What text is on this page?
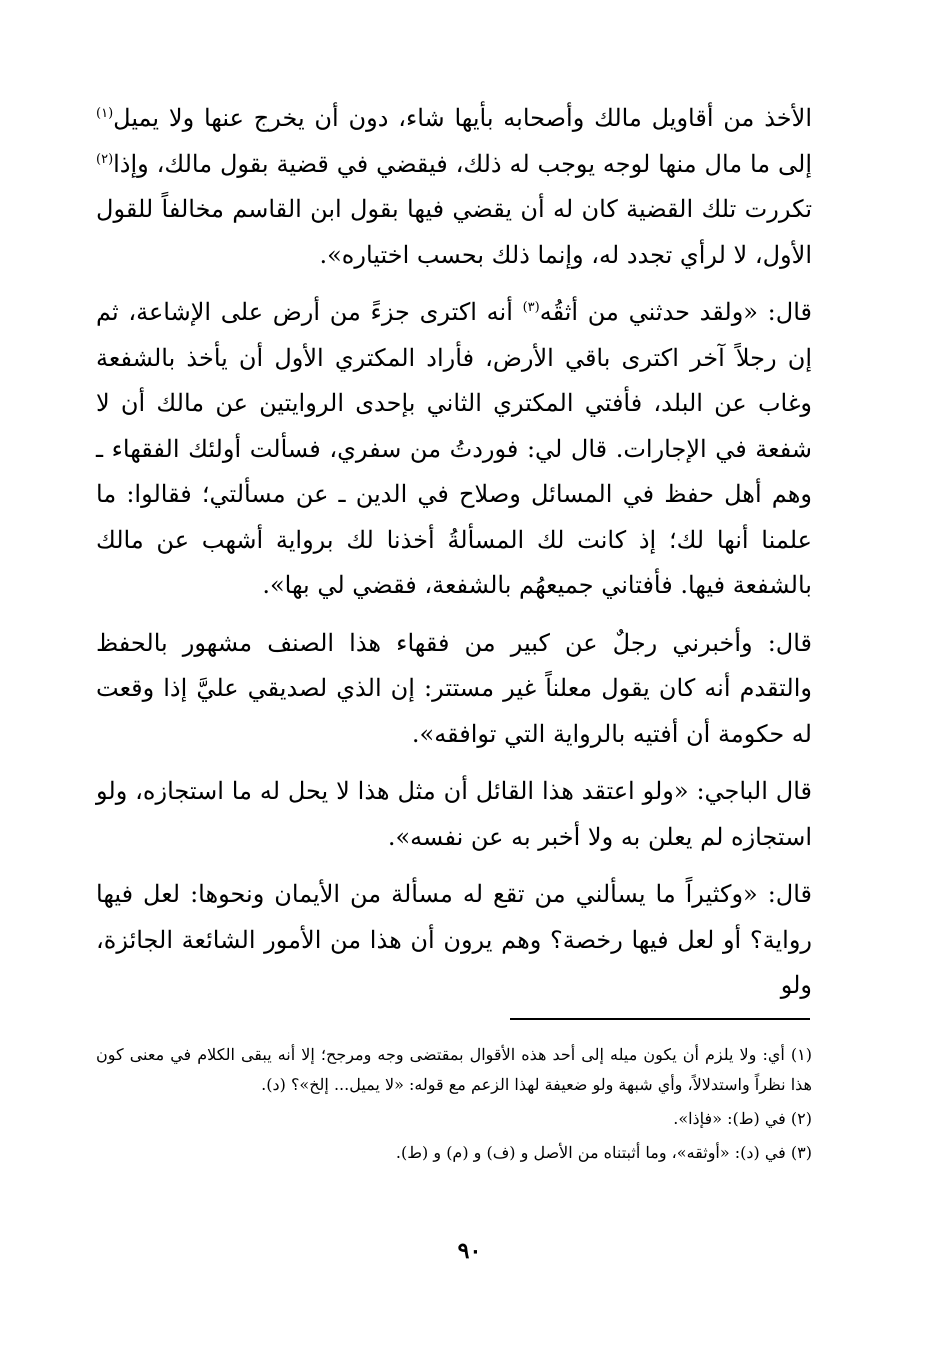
الأخذ من أقاويل مالك وأصحابه بأيها شاء، دون أن يخرج عنها ولا يميل$^{(١)}$ إلى ما مال منها لوجه يوجب له ذلك، فيقضي في قضية بقول مالك، وإذا$^{(٢)}$ تكررت تلك القضية كان له أن يقضي فيها بقول ابن القاسم مخالفاً للقول الأول، لا لرأي تجدد له، وإنما ذلك بحسب اختياره».

قال: «ولقد حدثني من أثقُه$^{(٣)}$ أنه اكترى جزءً من أرض على الإشاعة، ثم إن رجلاً آخر اكترى باقي الأرض، فأراد المكتري الأول أن يأخذ بالشفعة وغاب عن البلد، فأفتي المكتري الثاني بإحدى الروايتين عن مالك أن لا شفعة في الإجارات. قال لي: فوردتُ من سفري، فسألت أولئك الفقهاء ـ وهم أهل حفظ في المسائل وصلاح في الدين ـ عن مسألتي؛ فقالوا: ما علمنا أنها لك؛ إذ كانت لك المسألةُ أخذنا لك برواية أشهب عن مالك بالشفعة فيها. فأفتاني جميعهُم بالشفعة، فقضي لي بها».

قال: وأخبرني رجلٌ عن كبير من فقهاء هذا الصنف مشهور بالحفظ والتقدم أنه كان يقول معلناً غير مستتر: إن الذي لصديقي عليَّ إذا وقعت له حكومة أن أفتيه بالرواية التي توافقه».

قال الباجي: «ولو اعتقد هذا القائل أن مثل هذا لا يحل له ما استجازه، ولو استجازه لم يعلن به ولا أخبر به عن نفسه».

قال: «وكثيراً ما يسألني من تقع له مسألة من الأيمان ونحوها: لعل فيها رواية؟ أو لعل فيها رخصة؟ وهم يرون أن هذا من الأمور الشائعة الجائزة، ولو

(١) أي: ولا يلزم أن يكون ميله إلى أحد هذه الأقوال بمقتضى وجه ومرجح؛ إلا أنه يبقى الكلام في معنى كون هذا نظراً واستدلالاً، وأي شبهة ولو ضعيفة لهذا الزعم مع قوله: «لا يميل... إلخ»؟ (د).

(٢) في (ط): «فإذا».

(٣) في (د): «أوثقه»، وما أثبتناه من الأصل و (ف) و (م) و (ط).

٩٠
